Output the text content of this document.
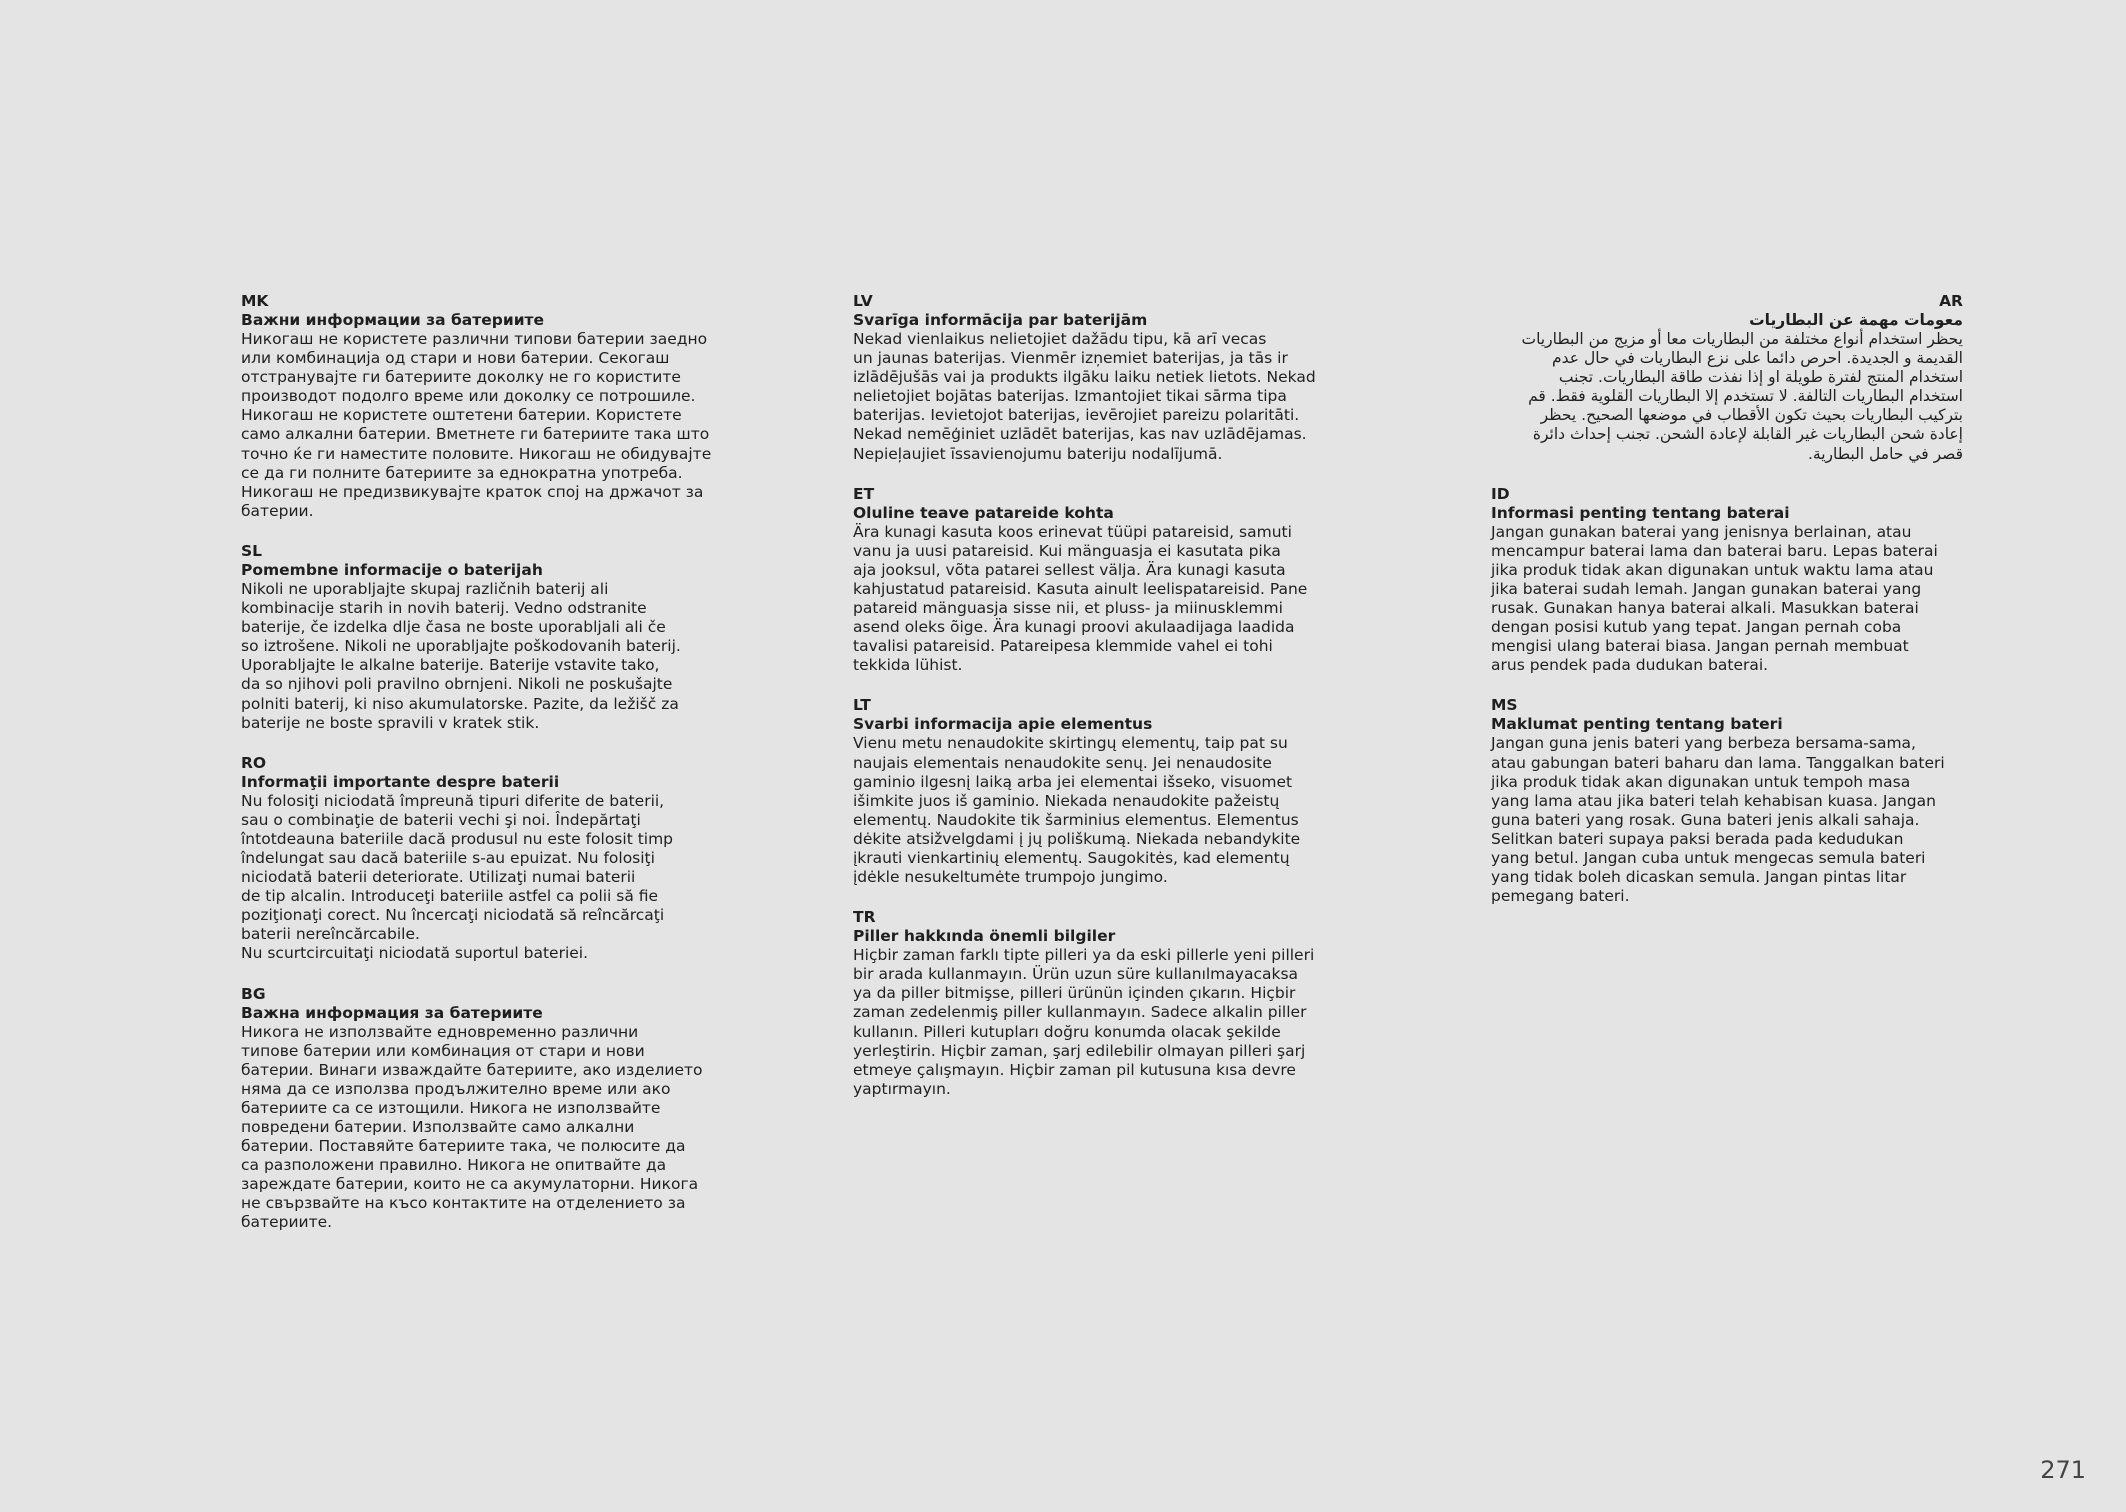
MK
Важни информации за батериите
Никогаш не користете различни типови батерии заедно
или комбинација од стари и нови батерии. Секогаш
отстранувајте ги батериите доколку не го користите
производот подолго време или доколку се потрошиле.
Никогаш не користете оштетени батерии. Користете
само алкални батерии. Вметнете ги батериите така што
точно ќе ги наместите половите. Никогаш не обидувајте
се да ги полните батериите за еднократна употреба.
Никогаш не предизвикувајте краток спој на држачот за
батерии.
SL
Pomembne informacije o baterijah
Nikoli ne uporabljajte skupaj različnih baterij ali
kombinacije starih in novih baterij. Vedno odstranite
baterije, če izdelka dlje časa ne boste uporabljali ali če
so iztrošene. Nikoli ne uporabljajte poškodovanih baterij.
Uporabljajte le alkalne baterije. Baterije vstavite tako,
da so njihovi poli pravilno obrnjeni. Nikoli ne poskušajte
polniti baterij, ki niso akumulatorske. Pazite, da ležišč za
baterije ne boste spravili v kratek stik.
RO
Informaţii importante despre baterii
Nu folosiţi niciodată împreună tipuri diferite de baterii,
sau o combinaţie de baterii vechi şi noi. Îndepărtaţi
întotdeauna bateriile dacă produsul nu este folosit timp
îndelungat sau dacă bateriile s-au epuizat. Nu folosiţi
niciodată baterii deteriorate. Utilizaţi numai baterii
de tip alcalin. Introduceţi bateriile astfel ca polii să fie
poziţionaţi corect. Nu încercaţi niciodată să reîncărcaţi
baterii nereîncărcabile.
Nu scurtcircuitaţi niciodată suportul bateriei.
BG
Важна информация за батериите
Никога не използвайте едновременно различни
типове батерии или комбинация от стари и нови
батерии. Винаги изваждайте батериите, ако изделието
няма да се използва продължително време или ако
батериите са се изтощили. Никога не използвайте
повредени батерии. Използвайте само алкални
батерии. Поставяйте батериите така, че полюсите да
са разположени правилно. Никога не опитвайте да
зареждате батерии, които не са акумулаторни. Никога
не свързвайте на късо контактите на отделението за
батериите.
LV
Svarīga informācija par baterijām
Nekad vienlaikus nelietojiet dažādu tipu, kā arī vecas
un jaunas baterijas. Vienmēr izņemiet baterijas, ja tās ir
izlādējušās vai ja produkts ilgāku laiku netiek lietots. Nekad
nelietojiet bojātas baterijas. Izmantojiet tikai sārma tipa
baterijas. Ievietojot baterijas, ievērojiet pareizu polaritāti.
Nekad nemēģiniet uzlādēt baterijas, kas nav uzlādējamas.
Nepieļaujiet īssavienojumu bateriju nodalījumā.
ET
Oluline teave patareide kohta
Ära kunagi kasuta koos erinevat tüüpi patareisid, samuti
vanu ja uusi patareisid. Kui mänguasja ei kasutata pika
aja jooksul, võta patarei sellest välja. Ära kunagi kasuta
kahjustatud patareisid. Kasuta ainult leelispatareisid. Pane
patareid mänguasja sisse nii, et pluss- ja miinusklemmi
asend oleks õige. Ära kunagi proovi akulaadijaga laadida
tavalisi patareisid. Patareipesa klemmide vahel ei tohi
tekkida lühist.
LT
Svarbi informacija apie elementus
Vienu metu nenaudokite skirtingų elementų, taip pat su
naujais elementais nenaudokite senų. Jei nenaudosite
gaminio ilgesnį laiką arba jei elementai išseko, visuomet
išimkite juos iš gaminio. Niekada nenaudokite pažeistų
elementų. Naudokite tik šarminius elementus. Elementus
dėkite atsižvelgdami į jų poliškumą. Niekada nebandykite
įkrauti vienkartinių elementų. Saugokitės, kad elementų
įdėkle nesukeltumėte trumpojo jungimo.
TR
Piller hakkında önemli bilgiler
Hiçbir zaman farklı tipte pilleri ya da eski pillerle yeni pilleri
bir arada kullanmayın. Ürün uzun süre kullanılmayacaksa
ya da piller bitmişse, pilleri ürünün içinden çıkarın. Hiçbir
zaman zedelenmiş piller kullanmayın. Sadece alkalin piller
kullanın. Pilleri kutupları doğru konumda olacak şekilde
yerleştirin. Hiçbir zaman, şarj edilebilir olmayan pilleri şarj
etmeye çalışmayın. Hiçbir zaman pil kutusuna kısa devre
yaptırmayın.
AR
معومات مهمة عن البطاريات
يحظر استخدام أنواع مختلفة من البطاريات معا أو مزيج من البطاريات
القديمة و الجديدة. احرص دائما على نزع البطاريات في حال عدم
استخدام المنتج لفترة طويلة او إذا نفذت طاقة البطاريات. تجنب
استخدام البطاريات التالفة. لا تستخدم إلا البطاريات القلوية فقط. قم
بتركيب البطاريات بحيث تكون الأقطاب في موضعها الصحيح. يحظر
إعادة شحن البطاريات غير القابلة لإعادة الشحن. تجنب إحداث دائرة
قصر في حامل البطارية.
ID
Informasi penting tentang baterai
Jangan gunakan baterai yang jenisnya berlainan, atau
mencampur baterai lama dan baterai baru. Lepas baterai
jika produk tidak akan digunakan untuk waktu lama atau
jika baterai sudah lemah. Jangan gunakan baterai yang
rusak. Gunakan hanya baterai alkali. Masukkan baterai
dengan posisi kutub yang tepat. Jangan pernah coba
mengisi ulang baterai biasa. Jangan pernah membuat
arus pendek pada dudukan baterai.
MS
Maklumat penting tentang bateri
Jangan guna jenis bateri yang berbeza bersama-sama,
atau gabungan bateri baharu dan lama. Tanggalkan bateri
jika produk tidak akan digunakan untuk tempoh masa
yang lama atau jika bateri telah kehabisan kuasa. Jangan
guna bateri yang rosak. Guna bateri jenis alkali sahaja.
Selitkan bateri supaya paksi berada pada kedudukan
yang betul. Jangan cuba untuk mengecas semula bateri
yang tidak boleh dicaskan semula. Jangan pintas litar
pemegang bateri.
271
